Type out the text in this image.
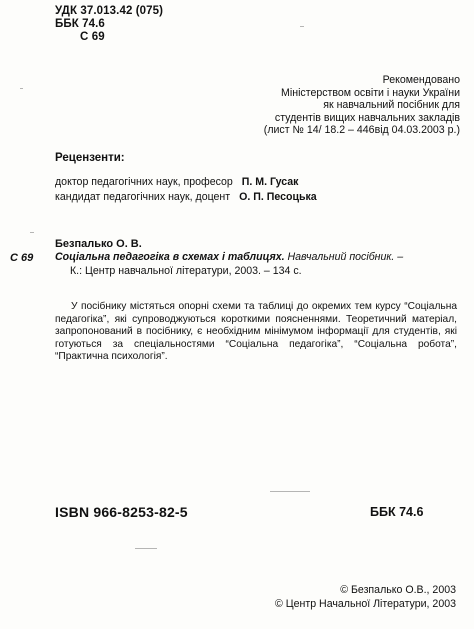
УДК 37.013.42 (075)
ББК 74.6
С 69
Рекомендовано
Міністерством освіти і науки України
як навчальний посібник для
студентів вищих навчальних закладів
(лист № 14/ 18.2 – 446від 04.03.2003 р.)
Рецензенти:
доктор педагогічних наук, професор П. М. Гусак
кандидат педагогічних наук, доцент О. П. Песоцька
С 69
Безпалько О. В.
Соціальна педагогіка в схемах і таблицях. Навчальний посібник. –
К.: Центр навчальної літератури, 2003. – 134 с.
У посібнику містяться опорні схеми та таблиці до окремих тем курсу “Соціальна педагогіка”, які супроводжуються короткими поясненнями. Теоретичний матеріал, запропонований в посібнику, є необхідним мінімумом інформації для студентів, які готуються за спеціальностями “Соціальна педагогіка”, “Соціальна робота”, “Практична психологія”.
ISBN 966-8253-82-5	ББК 74.6
© Безпалько О.В., 2003
© Центр Начальної Літератури, 2003
